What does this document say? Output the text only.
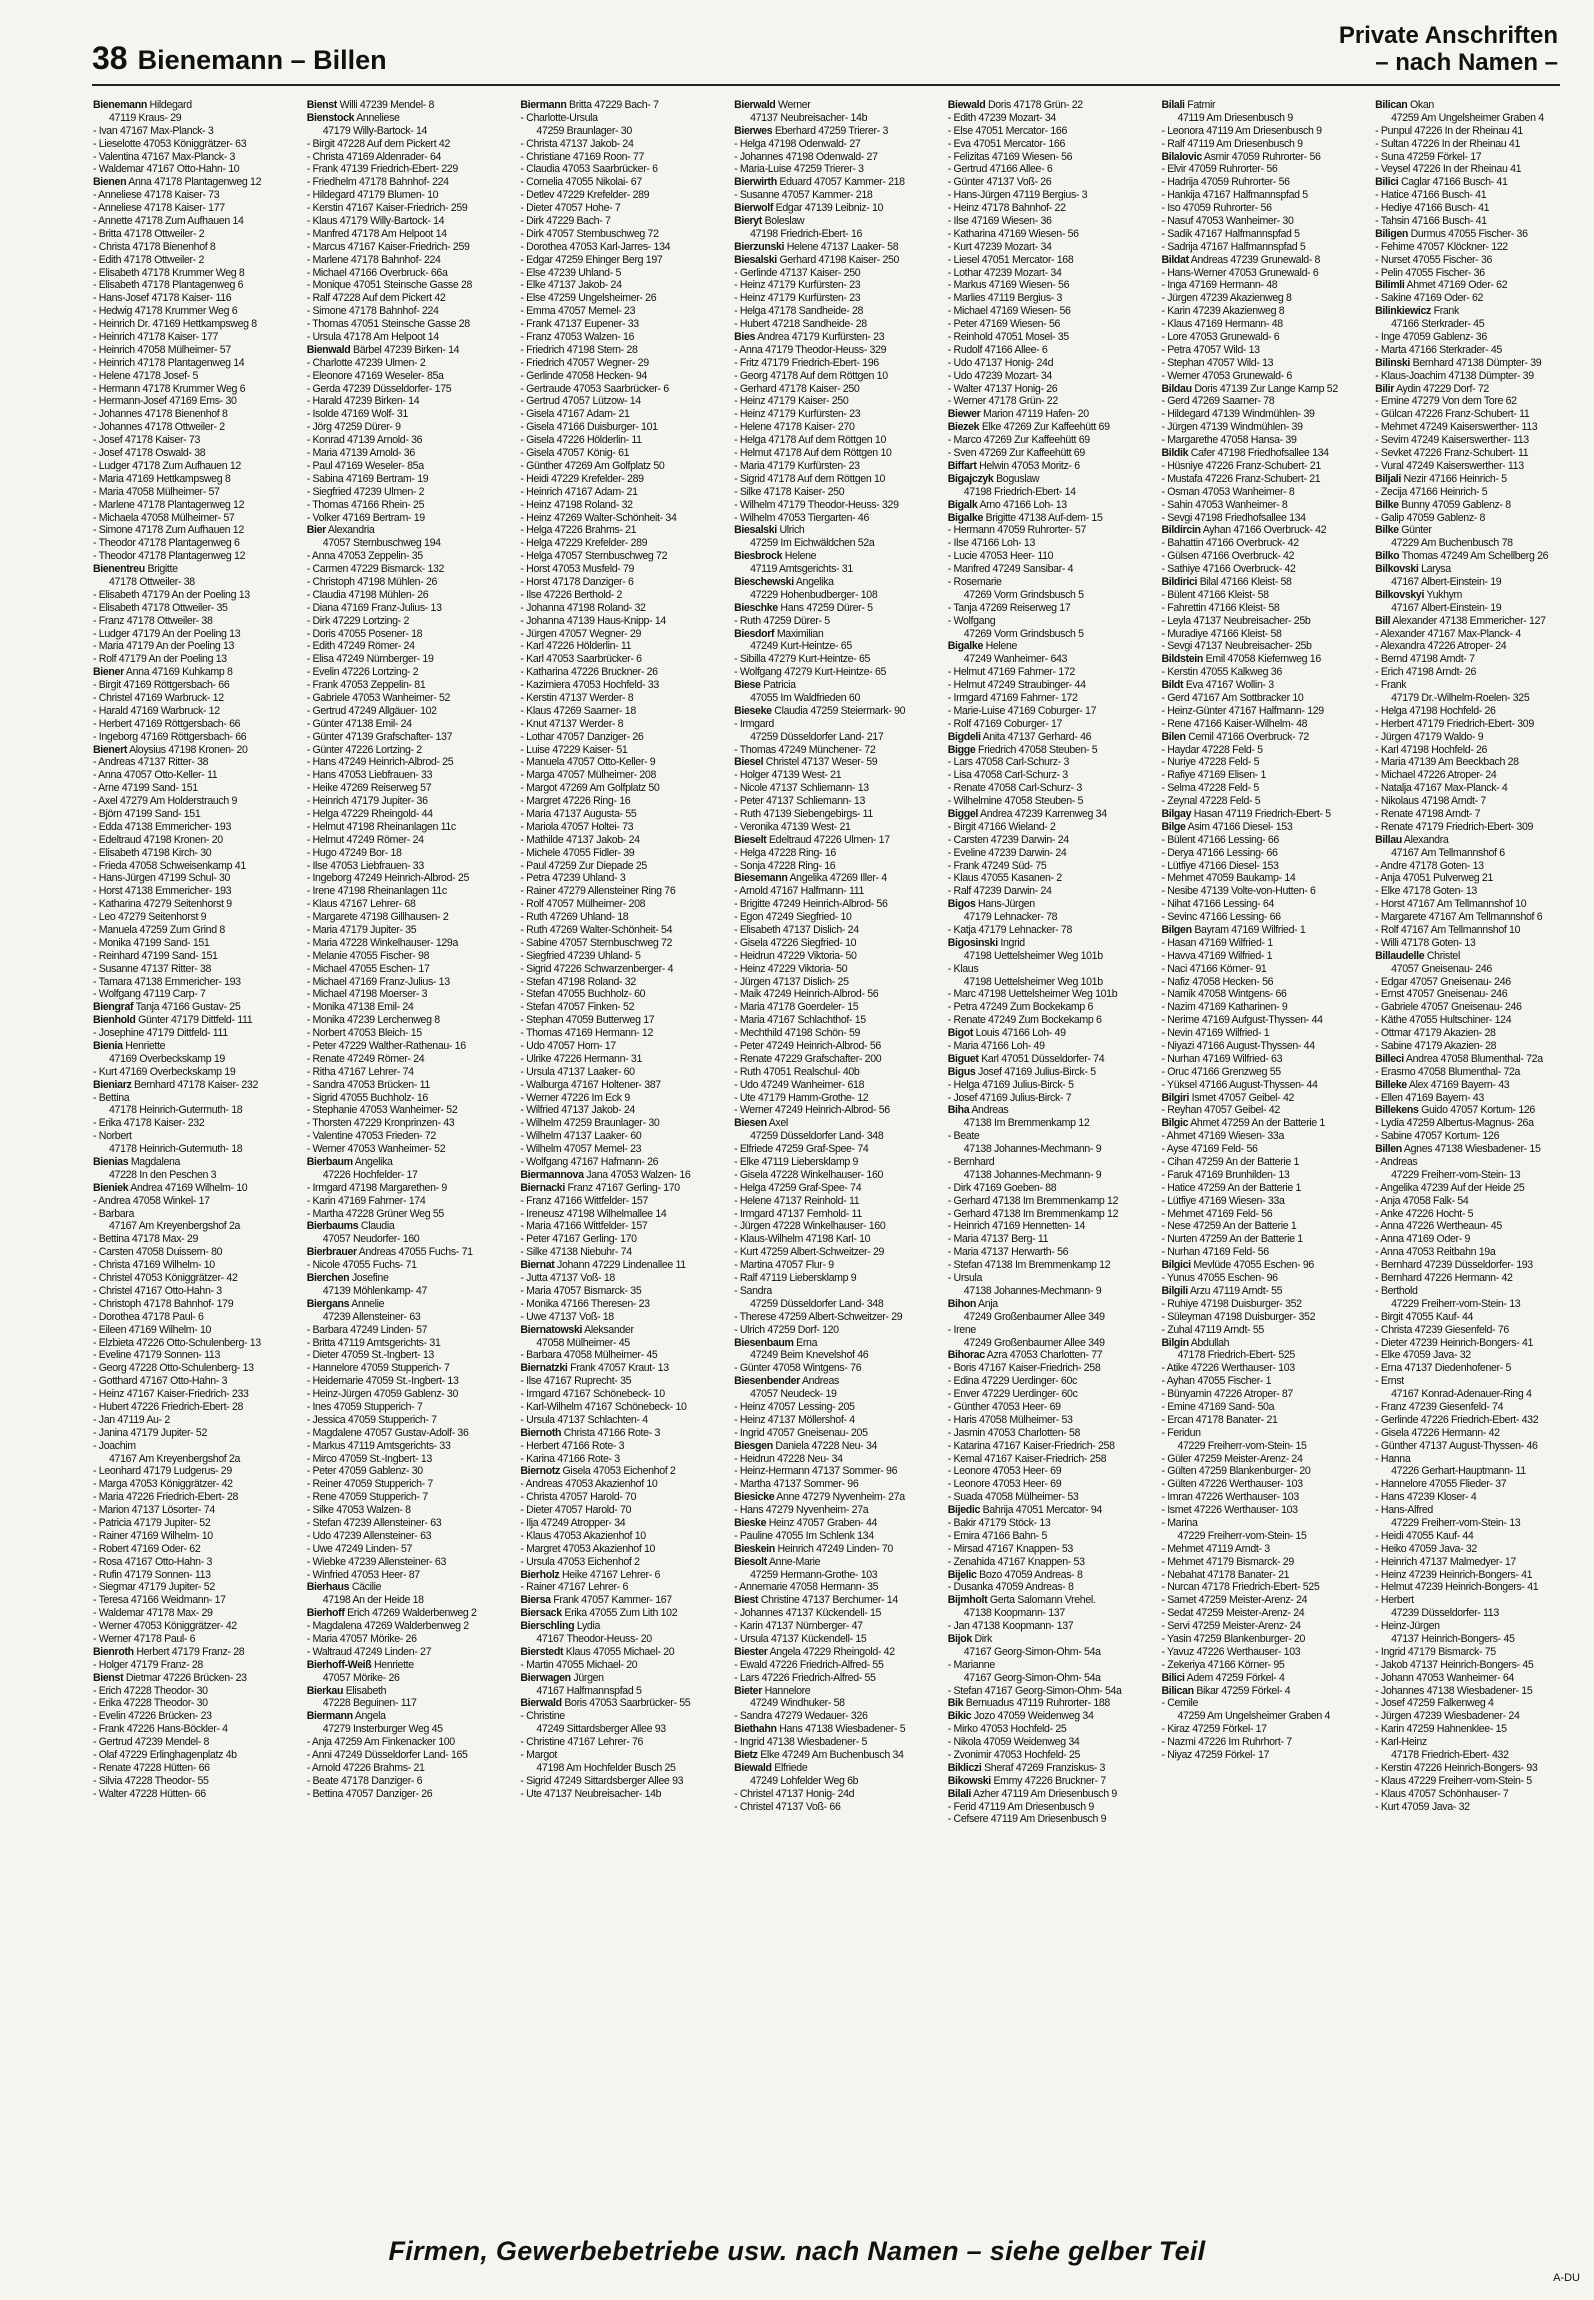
38 Bienemann – Billen
Private Anschriften
– nach Namen –
Bienemann Hildegard
47119 Kraus- 29
- Ivan 47167 Max-Planck- 3
- Lieselotte 47053 Königgrätzer- 63
- Valentina 47167 Max-Planck- 3
- Waldemar 47167 Otto-Hahn- 10
Bienen Anna 47178 Plantagenweg 12
- Anneliese 47178 Kaiser- 73
- Anneliese 47178 Kaiser- 177
- Annette 47178 Zum Aufhauen 14
- Britta 47178 Ottweiler- 2
- Christa 47178 Bienenhof 8
- Edith 47178 Ottweiler- 2
- Elisabeth 47178 Krummer Weg 8
- Elisabeth 47178 Plantagenweg 6
- Hans-Josef 47178 Kaiser- 116
- Hedwig 47178 Krummer Weg 6
- Heinrich Dr. 47169 Hettkampsweg 8
- Heinrich 47178 Kaiser- 177
- Heinrich 47058 Mülheimer- 57
- Heinrich 47178 Plantagenweg 14
- Helene 47178 Josef- 5
- Hermann 47178 Krummer Weg 6
- Hermann-Josef 47169 Ems- 30
- Johannes 47178 Bienenhof 8
- Johannes 47178 Ottweiler- 2
- Josef 47178 Kaiser- 73
- Josef 47178 Oswald- 38
- Ludger 47178 Zum Aufhauen 12
- Maria 47169 Hettkampsweg 8
- Maria 47058 Mülheimer- 57
- Marlene 47178 Plantagenweg 12
- Michaela 47058 Mülheimer- 57
- Simone 47178 Zum Aufhauen 12
- Theodor 47178 Plantagenweg 6
- Theodor 47178 Plantagenweg 12
Bienentreu Brigitte
47178 Ottweiler- 38
- Elisabeth 47179 An der Poeling 13
- Elisabeth 47178 Ottweiler- 35
- Franz 47178 Ottweiler- 38
- Ludger 47179 An der Poeling 13
- Maria 47179 An der Poeling 13
- Rolf 47179 An der Poeling 13
Biener Anna 47169 Kuhkamp 8
- Birgit 47169 Röttgersbach- 66
- Christel 47169 Warbruck- 12
- Harald 47169 Warbruck- 12
- Herbert 47169 Röttgersbach- 66
- Ingeborg 47169 Röttgersbach- 66
Bienert Aloysius 47198 Kronen- 20
- Andreas 47137 Ritter- 38
- Anna 47057 Otto-Keller- 11
- Arne 47199 Sand- 151
- Axel 47279 Am Holderstrauch 9
- Björn 47199 Sand- 151
- Edda 47138 Emmericher- 193
- Edeltraud 47198 Kronen- 20
- Elisabeth 47198 Kirch- 30
- Frieda 47058 Schweisenkamp 41
- Hans-Jürgen 47199 Schul- 30
- Horst 47138 Emmericher- 193
- Katharina 47279 Seitenhorst 9
- Leo 47279 Seitenhorst 9
- Manuela 47259 Zum Grind 8
- Monika 47199 Sand- 151
- Reinhard 47199 Sand- 151
- Susanne 47137 Ritter- 38
- Tamara 47138 Emmericher- 193
- Wolfgang 47119 Carp- 7
Biengraf Tanja 47166 Gustav- 25
Bienhold Günter 47179 Dittfeld- 111
- Josephine 47179 Dittfeld- 111
Bienia Henriette
47169 Overbeckskamp 19
- Kurt 47169 Overbeckskamp 19
Bieniarz Bernhard 47178 Kaiser- 232
- Bettina
47178 Heinrich-Gutermuth- 18
- Erika 47178 Kaiser- 232
- Norbert
47178 Heinrich-Gutermuth- 18
Bienias Magdalena
47228 In den Peschen 3
Bieniek Andrea 47169 Wilhelm- 10
- Andrea 47058 Winkel- 17
- Barbara
47167 Am Kreyenbergshof 2a
- Bettina 47178 Max- 29
- Carsten 47058 Duissern- 80
- Christa 47169 Wilhelm- 10
- Christel 47053 Königgrätzer- 42
- Christel 47167 Otto-Hahn- 3
- Christoph 47178 Bahnhof- 179
- Dorothea 47178 Paul- 6
- Eileen 47169 Wilhelm- 10
- Elzbieta 47226 Otto-Schulenberg- 13
- Eveline 47179 Sonnen- 113
- Georg 47228 Otto-Schulenberg- 13
- Gotthard 47167 Otto-Hahn- 3
- Heinz 47167 Kaiser-Friedrich- 233
- Hubert 47226 Friedrich-Ebert- 28
- Jan 47119 Au- 2
- Janina 47179 Jupiter- 52
- Joachim
47167 Am Kreyenbergshof 2a
- Leonhard 47179 Ludgerus- 29
- Marga 47053 Königgrätzer- 42
- Maria 47226 Friedrich-Ebert- 28
- Marion 47137 Lösorter- 74
- Patricia 47179 Jupiter- 52
- Rainer 47169 Wilhelm- 10
- Robert 47169 Oder- 62
- Rosa 47167 Otto-Hahn- 3
- Rufin 47179 Sonnen- 113
- Siegmar 47179 Jupiter- 52
- Teresa 47166 Weidmann- 17
- Waldemar 47178 Max- 29
- Werner 47053 Königgrätzer- 42
- Werner 47178 Paul- 6
Bienroth Herbert 47179 Franz- 28
- Holger 47179 Franz- 28
Bienst Dietmar 47226 Brücken- 23
- Erich 47228 Theodor- 30
- Erika 47228 Theodor- 30
- Evelin 47226 Brücken- 23
- Frank 47226 Hans-Böckler- 4
- Gertrud 47239 Mendel- 8
- Olaf 47229 Erlinghagenplatz 4b
- Renate 47228 Hütten- 66
- Silvia 47228 Theodor- 55
- Walter 47228 Hütten- 66
Bienst Willi 47239 Mendel- 8
Bienstock Anneliese
47179 Willy-Bartock- 14
- Birgit 47228 Auf dem Pickert 42
- Christa 47169 Aldenrader- 64
- Frank 47139 Friedrich-Ebert- 229
- Friedhelm 47178 Bahnhof- 224
- Hildegard 47179 Blumen- 10
- Kerstin 47167 Kaiser-Friedrich- 259
- Klaus 47179 Willy-Bartock- 14
- Manfred 47178 Am Helpoot 14
- Marcus 47167 Kaiser-Friedrich- 259
- Marlene 47178 Bahnhof- 224
- Michael 47166 Overbruck- 66a
- Monique 47051 Steinsche Gasse 28
- Ralf 47228 Auf dem Pickert 42
- Simone 47178 Bahnhof- 224
- Thomas 47051 Steinsche Gasse 28
- Ursula 47178 Am Helpoot 14
Bienwald Bärbel 47239 Birken- 14
- Charlotte 47239 Ulmen- 2
- Eleonore 47169 Weseler- 85a
- Gerda 47239 Düsseldorfer- 175
- Harald 47239 Birken- 14
- Isolde 47169 Wolf- 31
- Jörg 47259 Dürer- 9
- Konrad 47139 Arnold- 36
- Maria 47139 Arnold- 36
- Paul 47169 Weseler- 85a
- Sabina 47169 Bertram- 19
- Siegfried 47239 Ulmen- 2
- Thomas 47166 Rhein- 25
- Volker 47169 Bertram- 19
Bier Alexandria
47057 Sternbuschweg 194
- Anna 47053 Zeppelin- 35
- Carmen 47229 Bismarck- 132
- Christoph 47198 Mühlen- 26
- Claudia 47198 Mühlen- 26
- Diana 47169 Franz-Julius- 13
- Dirk 47229 Lortzing- 2
- Doris 47055 Posener- 18
- Edith 47249 Römer- 24
- Elisa 47249 Nürnberger- 19
- Evelin 47226 Lortzing- 2
- Frank 47053 Zeppelin- 81
- Gabriele 47053 Wanheimer- 52
- Gertrud 47249 Allgäuer- 102
- Günter 47138 Emil- 24
- Günter 47139 Grafschafter- 137
- Günter 47226 Lortzing- 2
- Hans 47249 Heinrich-Albrod- 25
- Hans 47053 Liebfrauen- 33
- Heike 47269 Reiserweg 57
- Heinrich 47179 Jupiter- 36
- Helga 47229 Rheingold- 44
- Helmut 47198 Rheinanlagen 11c
- Helmut 47249 Römer- 24
- Hugo 47249 Bor- 18
- Ilse 47053 Liebfrauen- 33
- Ingeborg 47249 Heinrich-Albrod- 25
- Irene 47198 Rheinanlagen 11c
- Klaus 47167 Lehrer- 68
- Margarete 47198 Gillhausen- 2
- Maria 47179 Jupiter- 35
- Maria 47228 Winkelhauser- 129a
- Melanie 47055 Fischer- 98
- Michael 47055 Eschen- 17
- Michael 47169 Franz-Julius- 13
- Michael 47198 Moerser- 3
- Monika 47138 Emil- 24
- Monika 47239 Lerchenweg 8
- Norbert 47053 Bleich- 15
- Peter 47229 Walther-Rathenau- 16
- Renate 47249 Römer- 24
- Ritha 47167 Lehrer- 74
- Sandra 47053 Brücken- 11
- Sigrid 47055 Buchholz- 16
- Stephanie 47053 Wanheimer- 52
- Thorsten 47229 Kronprinzen- 43
- Valentine 47053 Frieden- 72
- Werner 47053 Wanheimer- 52
Bierbaum Angelika
47226 Hochfelder- 17
- Irmgard 47198 Margarethen- 9
- Karin 47169 Fahrner- 174
- Martha 47228 Grüner Weg 55
Bierbaums Claudia
47057 Neudorfer- 160
Bierbrauer Andreas 47055 Fuchs- 71
- Nicole 47055 Fuchs- 71
Bierchen Josefine
47139 Möhlenkamp- 47
Biergans Annelie
47239 Allensteiner- 63
- Barbara 47249 Linden- 57
- Britta 47119 Amtsgerichts- 31
- Dieter 47059 St.-Ingbert- 13
- Hannelore 47059 Stupperich- 7
- Heidemarie 47059 St.-Ingbert- 13
- Heinz-Jürgen 47059 Gablenz- 30
- Ines 47059 Stupperich- 7
- Jessica 47059 Stupperich- 7
- Magdalene 47057 Gustav-Adolf- 36
- Markus 47119 Amtsgerichts- 33
- Mirco 47059 St.-Ingbert- 13
- Peter 47059 Gablenz- 30
- Reiner 47059 Stupperich- 7
- Rene 47059 Stupperich- 7
- Silke 47053 Walzen- 8
- Stefan 47239 Allensteiner- 63
- Udo 47239 Allensteiner- 63
- Uwe 47249 Linden- 57
- Wiebke 47239 Allensteiner- 63
- Winfried 47053 Heer- 87
Bierhaus Cäcilie
47198 An der Heide 18
Bierhoff Erich 47269 Walderbenweg 2
- Magdalena 47269 Walderbenweg 2
- Maria 47057 Mörike- 26
- Waltraud 47249 Linden- 27
Bierhoff-Weiß Henriette
47057 Mörike- 26
Bierkau Elisabeth
47228 Beguinen- 117
Biermann Angela
47279 Insterburger Weg 45
- Anja 47259 Am Finkenacker 100
- Anni 47249 Düsseldorfer Land- 165
- Arnold 47226 Brahms- 21
- Beate 47178 Danziger- 6
- Bettina 47057 Danziger- 26
Biermann Britta 47229 Bach- 7
- Charlotte-Ursula
47259 Braunlager- 30
- Christa 47137 Jakob- 24
- Christiane 47169 Roon- 77
- Claudia 47053 Saarbrücker- 6
- Cornelia 47055 Nikolai- 67
- Detlev 47229 Krefelder- 289
- Dieter 47057 Hohe- 7
- Dirk 47229 Bach- 7
- Dirk 47057 Sternbuschweg 72
- Dorothea 47053 Karl-Jarres- 134
- Edgar 47259 Ehinger Berg 197
- Else 47239 Uhland- 5
- Elke 47137 Jakob- 24
- Else 47259 Ungelsheimer- 26
- Emma 47057 Memel- 23
- Frank 47137 Eupener- 33
- Franz 47053 Walzen- 16
- Friedrich 47198 Stern- 28
- Friedrich 47057 Wegner- 29
- Gerlinde 47058 Hecken- 94
- Gertraude 47053 Saarbrücker- 6
- Gertrud 47057 Lützow- 14
- Gisela 47167 Adam- 21
- Gisela 47166 Duisburger- 101
- Gisela 47226 Hölderlin- 11
- Gisela 47057 König- 61
- Günther 47269 Am Golfplatz 50
- Heidi 47229 Krefelder- 289
- Heinrich 47167 Adam- 21
- Heinz 47198 Roland- 32
- Heinz 47269 Walter-Schönheit- 34
- Helga 47226 Brahms- 21
- Helga 47229 Krefelder- 289
- Helga 47057 Sternbuschweg 72
- Horst 47053 Musfeld- 79
- Horst 47178 Danziger- 6
- Ilse 47226 Berthold- 2
- Johanna 47198 Roland- 32
- Johanna 47139 Haus-Knipp- 14
- Jürgen 47057 Wegner- 29
- Karl 47226 Hölderlin- 11
- Karl 47053 Saarbrücker- 6
- Katharina 47226 Bruckner- 26
- Kazimiera 47053 Hochfeld- 33
- Kerstin 47137 Werder- 8
- Klaus 47269 Saarner- 18
- Knut 47137 Werder- 8
- Lothar 47057 Danziger- 26
- Luise 47229 Kaiser- 51
- Manuela 47057 Otto-Keller- 9
- Marga 47057 Mülheimer- 208
- Margot 47269 Am Golfplatz 50
- Margret 47226 Ring- 16
- Maria 47137 Augusta- 55
- Mariola 47057 Holtei- 73
- Mathilde 47137 Jakob- 24
- Michele 47055 Fidler- 39
- Paul 47259 Zur Diepade 25
- Petra 47239 Uhland- 3
- Rainer 47279 Allensteiner Ring 76
- Rolf 47057 Mülheimer- 208
- Ruth 47269 Uhland- 18
- Ruth 47269 Walter-Schönheit- 54
- Sabine 47057 Sternbuschweg 72
- Siegfried 47239 Uhland- 5
- Sigrid 47226 Schwarzenberger- 4
- Stefan 47198 Roland- 32
- Stefan 47055 Buchholz- 60
- Stefan 47057 Finken- 52
- Stephan 47059 Butterweg 17
- Thomas 47169 Hermann- 12
- Udo 47057 Horn- 17
- Ulrike 47226 Hermann- 31
- Ursula 47137 Laaker- 60
- Walburga 47167 Holtener- 387
- Werner 47226 Im Eck 9
- Wilfried 47137 Jakob- 24
- Wilhelm 47259 Braunlager- 30
- Wilhelm 47137 Laaker- 60
- Wilhelm 47057 Memel- 23
- Wolfgang 47167 Hafmann- 26
Biermannova Jana 47053 Walzen- 16
Biernacki Franz 47167 Gerling- 170
- Franz 47166 Wittfelder- 157
- Ireneusz 47198 Wilhelmallee 14
- Maria 47166 Wittfelder- 157
- Peter 47167 Gerling- 170
- Silke 47138 Niebuhr- 74
Biernat Johann 47229 Lindenallee 11
- Jutta 47137 Voß- 18
- Maria 47057 Bismarck- 35
- Monika 47166 Theresen- 23
- Uwe 47137 Voß- 18
Biernatowski Aleksander
47058 Mülheimer- 45
- Barbara 47058 Mülheimer- 45
Biernatzki Frank 47057 Kraut- 13
- Ilse 47167 Ruprecht- 35
- Irmgard 47167 Schönebeck- 10
- Karl-Wilhelm 47167 Schönebeck- 10
- Ursula 47137 Schlachten- 4
Biernoth Christa 47166 Rote- 3
- Herbert 47166 Rote- 3
- Karina 47166 Rote- 3
Biernotz Gisela 47053 Eichenhof 2
- Andreas 47053 Akazienhof 10
- Christa 47057 Harold- 70
- Dieter 47057 Harold- 70
- Ilja 47249 Atropper- 34
- Klaus 47053 Akazienhof 10
- Margret 47053 Akazienhof 10
- Ursula 47053 Eichenhof 2
Bierholz Heike 47167 Lehrer- 6
- Rainer 47167 Lehrer- 6
Biersa Frank 47057 Kammer- 167
Biersack Erika 47055 Zum Lith 102
Bierschling Lydia
47167 Theodor-Heuss- 20
Bierstedt Klaus 47055 Michael- 20
- Martin 47055 Michael- 20
Bierwagen Jürgen
47167 Halfmannspfad 5
Bierwald Boris 47053 Saarbrücker- 55
- Christine
47249 Sittardsberger Allee 93
- Christine 47167 Lehrer- 76
- Margot
47198 Am Hochfelder Busch 25
- Sigrid 47249 Sittardsberger Allee 93
- Ute 47137 Neubreisacher- 14b
Bierwald Werner
47137 Neubreisacher- 14b
Bierwes Eberhard 47259 Trierer- 3
- Helga 47198 Odenwald- 27
- Johannes 47198 Odenwald- 27
- Maria-Luise 47259 Trierer- 3
Bierwirth Eduard 47057 Kammer- 218
- Susanne 47057 Kammer- 218
Bierwolf Edgar 47139 Leibniz- 10
Bieryt Boleslaw
47198 Friedrich-Ebert- 16
Bierzunski Helene 47137 Laaker- 58
Biesalski Gerhard 47198 Kaiser- 250
- Gerlinde 47137 Kaiser- 250
- Heinz 47179 Kurfürsten- 23
- Heinz 47179 Kurfürsten- 23
- Helga 47178 Sandheide- 28
- Hubert 47218 Sandheide- 28
Bies Andrea 47179 Kurfürsten- 23
- Anna 47179 Theodor-Heuss- 329
- Fritz 47179 Friedrich-Ebert- 196
- Georg 47178 Auf dem Röttgen 10
- Gerhard 47178 Kaiser- 250
- Heinz 47179 Kaiser- 250
- Heinz 47179 Kurfürsten- 23
- Helene 47178 Kaiser- 270
- Helga 47178 Auf dem Röttgen 10
- Helmut 47178 Auf dem Röttgen 10
- Maria 47179 Kurfürsten- 23
- Sigrid 47178 Auf dem Röttgen 10
- Silke 47178 Kaiser- 250
- Wilhelm 47179 Theodor-Heuss- 329
- Wilhelm 47053 Tiergarten- 46
Biesalski Ulrich
47259 Im Eichwäldchen 52a
Biesbrock Helene
47119 Amtsgerichts- 31
Bieschewski Angelika
47229 Hohenbudberger- 108
Bieschke Hans 47259 Dürer- 5
- Ruth 47259 Dürer- 5
Biesdorf Maximilian
47249 Kurt-Heintze- 65
- Sibilla 47279 Kurt-Heintze- 65
- Wolfgang 47279 Kurt-Heintze- 65
Biese Patricia
47055 Im Waldfrieden 60
Bieseke Claudia 47259 Steiermark- 90
- Irmgard
47259 Düsseldorfer Land- 217
- Thomas 47249 Münchener- 72
Biesel Christel 47137 Weser- 59
- Holger 47139 West- 21
- Nicole 47137 Schliemann- 13
- Peter 47137 Schliemann- 13
- Ruth 47139 Siebengebirgs- 11
- Veronika 47139 West- 21
Bieselt Edeltraud 47226 Ulmen- 17
- Helga 47228 Ring- 16
- Sonja 47228 Ring- 16
Biesemann Angelika 47269 Iller- 4
- Arnold 47167 Halfmann- 111
- Brigitte 47249 Heinrich-Albrod- 56
- Egon 47249 Siegfried- 10
- Elisabeth 47137 Dislich- 24
- Gisela 47226 Siegfried- 10
- Heidrun 47229 Viktoria- 50
- Heinz 47229 Viktoria- 50
- Jürgen 47137 Dislich- 25
- Maik 47249 Heinrich-Albrod- 56
- Maria 47178 Goerdeler- 15
- Maria 47167 Schlachthof- 15
- Mechthild 47198 Schön- 59
- Peter 47249 Heinrich-Albrod- 56
- Renate 47229 Grafschafter- 200
- Ruth 47051 Realschul- 40b
- Udo 47249 Wanheimer- 618
- Ute 47179 Hamm-Grothe- 12
- Werner 47249 Heinrich-Albrod- 56
Biesen Axel
47259 Düsseldorfer Land- 348
- Elfriede 47259 Graf-Spee- 74
- Elke 47119 Liebersklamp 9
- Gisela 47228 Winkelhauser- 160
- Helga 47259 Graf-Spee- 74
- Helene 47137 Reinhold- 11
- Irmgard 47137 Fernhold- 11
- Jürgen 47228 Winkelhauser- 160
- Klaus-Wilhelm 47198 Karl- 10
- Kurt 47259 Albert-Schweitzer- 29
- Martina 47057 Flur- 9
- Ralf 47119 Liebersklamp 9
- Sandra
47259 Düsseldorfer Land- 348
- Therese 47259 Albert-Schweitzer- 29
- Ulrich 47259 Dorf- 120
Biesenbaum Erna
47249 Beim Knevelshof 46
- Günter 47058 Wintgens- 76
Biesenbender Andreas
47057 Neudeck- 19
- Heinz 47057 Lessing- 205
- Heinz 47137 Möllershof- 4
- Ingrid 47057 Gneisenau- 205
Biesgen Daniela 47228 Neu- 34
- Heidrun 47228 Neu- 34
- Heinz-Hermann 47137 Sommer- 96
- Martha 47137 Sommer- 96
Biesicke Anne 47279 Nyvenheim- 27a
- Hans 47279 Nyvenheim- 27a
Bieske Heinz 47057 Graben- 44
- Pauline 47055 Im Schlenk 134
Bieskein Heinrich 47249 Linden- 70
Biesolt Anne-Marie
47259 Hermann-Grothe- 103
- Annemarie 47058 Hermann- 35
Biest Christine 47137 Berchumer- 14
- Johannes 47137 Kückendell- 15
- Karin 47137 Nürnberger- 47
- Ursula 47137 Kückendell- 15
Biester Angela 47229 Rheingold- 42
- Ewald 47226 Friedrich-Alfred- 55
- Lars 47226 Friedrich-Alfred- 55
Bieter Hannelore
47249 Windhuker- 58
- Sandra 47279 Wedauer- 326
Biethahn Hans 47138 Wiesbadener- 5
- Ingrid 47138 Wiesbadener- 5
Bietz Elke 47249 Am Buchenbusch 34
Biewald Elfriede
47249 Lohfelder Weg 6b
- Christel 47137 Honig- 24d
- Christel 47137 Voß- 66
Biewald Doris 47178 Grün- 22
- Edith 47239 Mozart- 34
- Else 47051 Mercator- 166
- Eva 47051 Mercator- 166
- Felizitas 47169 Wiesen- 56
- Gertrud 47166 Allee- 6
- Günter 47137 Voß- 26
- Hans-Jürgen 47119 Bergius- 3
- Heinz 47178 Bahnhof- 22
- Ilse 47169 Wiesen- 36
- Katharina 47169 Wiesen- 56
- Kurt 47239 Mozart- 34
- Liesel 47051 Mercator- 168
- Lothar 47239 Mozart- 34
- Markus 47169 Wiesen- 56
- Marlies 47119 Bergius- 3
- Michael 47169 Wiesen- 56
- Peter 47169 Wiesen- 56
- Reinhold 47051 Mosel- 35
- Rudolf 47166 Allee- 6
- Udo 47137 Honig- 24d
- Udo 47239 Mozart- 34
- Walter 47137 Honig- 26
- Werner 47178 Grün- 22
Biewer Marion 47119 Hafen- 20
Biezek Elke 47269 Zur Kaffeehütt 69
- Marco 47269 Zur Kaffeehütt 69
- Sven 47269 Zur Kaffeehütt 69
Biffart Helwin 47053 Moritz- 6
Bigajczyk Boguslaw
47198 Friedrich-Ebert- 14
Bigalk Arno 47166 Loh- 13
Bigalke Brigitte 47138 Auf-dem- 15
- Hermann 47059 Ruhrorter- 57
- Ilse 47166 Loh- 13
- Lucie 47053 Heer- 110
- Manfred 47249 Sansibar- 4
- Rosemarie
47269 Vorm Grindsbusch 5
- Tanja 47269 Reiserweg 17
- Wolfgang
47269 Vorm Grindsbusch 5
Bigalke Helene
47249 Wanheimer- 643
- Helmut 47169 Fahrner- 172
- Helmut 47249 Straubinger- 44
- Irmgard 47169 Fahrner- 172
- Marie-Luise 47169 Coburger- 17
- Rolf 47169 Coburger- 17
Bigdeli Anita 47137 Gerhard- 46
Bigge Friedrich 47058 Steuben- 5
- Lars 47058 Carl-Schurz- 3
- Lisa 47058 Carl-Schurz- 3
- Renate 47058 Carl-Schurz- 3
- Wilhelmine 47058 Steuben- 5
Biggel Andrea 47239 Karrenweg 34
- Birgit 47166 Wieland- 2
- Carsten 47239 Darwin- 24
- Eveline 47239 Darwin- 24
- Frank 47249 Süd- 75
- Klaus 47055 Kasanen- 2
- Ralf 47239 Darwin- 24
Bigos Hans-Jürgen
47179 Lehnacker- 78
- Katja 47179 Lehnacker- 78
Bigosinski Ingrid
47198 Uettelsheimer Weg 101b
- Klaus
47198 Uettelsheimer Weg 101b
- Marc 47198 Uettelsheimer Weg 101b
- Petra 47249 Zum Bockekamp 6
- Renate 47249 Zum Bockekamp 6
Bigot Louis 47166 Loh- 49
- Maria 47166 Loh- 49
Biguet Karl 47051 Düsseldorfer- 74
Bigus Josef 47169 Julius-Birck- 5
- Helga 47169 Julius-Birck- 5
- Josef 47169 Julius-Birck- 7
Biha Andreas
47138 Im Bremmenkamp 12
- Beate
47138 Johannes-Mechmann- 9
- Bernhard
47138 Johannes-Mechmann- 9
- Dirk 47169 Goeben- 88
- Gerhard 47138 Im Bremmenkamp 12
- Gerhard 47138 Im Bremmenkamp 12
- Heinrich 47169 Hennetten- 14
- Maria 47137 Berg- 11
- Maria 47137 Herwarth- 56
- Stefan 47138 Im Bremmenkamp 12
- Ursula
47138 Johannes-Mechmann- 9
Bihon Anja
47249 Großenbaumer Allee 349
- Irene
47249 Großenbaumer Allee 349
Bihorac Azra 47053 Charlotten- 77
- Boris 47167 Kaiser-Friedrich- 258
- Edina 47229 Uerdinger- 60c
- Enver 47229 Uerdinger- 60c
- Günther 47053 Heer- 69
- Haris 47058 Mülheimer- 53
- Jasmin 47053 Charlotten- 58
- Katarina 47167 Kaiser-Friedrich- 258
- Kemal 47167 Kaiser-Friedrich- 258
- Leonore 47053 Heer- 69
- Leonore 47053 Heer- 69
- Suada 47058 Mülheimer- 53
Bijedic Bahrija 47051 Mercator- 94
- Bakir 47179 Stöck- 13
- Emira 47166 Bahn- 5
- Mirsad 47167 Knappen- 53
- Zenahida 47167 Knappen- 53
Bijelic Bozo 47059 Andreas- 8
- Dusanka 47059 Andreas- 8
Bijmholt Gerta Salomann Vrehel.
47138 Koopmann- 137
- Jan 47138 Koopmann- 137
Bijok Dirk
47167 Georg-Simon-Ohm- 54a
- Marianne
47167 Georg-Simon-Ohm- 54a
- Stefan 47167 Georg-Simon-Ohm- 54a
Bik Bernuadus 47119 Ruhrorter- 188
Bikic Jozo 47059 Weidenweg 34
- Mirko 47053 Hochfeld- 25
- Nikola 47059 Weidenweg 34
- Zvonimir 47053 Hochfeld- 25
Bikliczi Sheraf 47269 Franziskus- 3
Bikowski Emmy 47226 Bruckner- 7
Bilali Azher 47119 Am Driesenbusch 9
- Ferid 47119 Am Driesenbusch 9
- Cefsere 47119 Am Driesenbusch 9
Bilali Fatmir
47119 Am Driesenbusch 9
- Leonora 47119 Am Driesenbusch 9
- Ralf 47119 Am Driesenbusch 9
Bilalovic Asmir 47059 Ruhrorter- 56
- Elvir 47059 Ruhrorter- 56
- Hadrija 47059 Ruhrorter- 56
- Hankija 47167 Halfmannspfad 5
- Iso 47059 Ruhrorter- 56
- Nasuf 47053 Wanheimer- 30
- Sadik 47167 Halfmannspfad 5
- Sadrija 47167 Halfmannspfad 5
Bildat Andreas 47239 Grunewald- 8
- Hans-Werner 47053 Grunewald- 6
- Inga 47169 Hermann- 48
- Jürgen 47239 Akazienweg 8
- Karin 47239 Akazienweg 8
- Klaus 47169 Hermann- 48
- Lore 47053 Grunewald- 6
- Petra 47057 Wild- 13
- Stephan 47057 Wild- 13
- Werner 47053 Grunewald- 6
Bildau Doris 47139 Zur Lange Kamp 52
- Gerd 47269 Saarner- 78
- Hildegard 47139 Windmühlen- 39
- Jürgen 47139 Windmühlen- 39
- Margarethe 47058 Hansa- 39
Bildik Cafer 47198 Friedhofsallee 134
- Hüsniye 47226 Franz-Schubert- 21
- Mustafa 47226 Franz-Schubert- 21
- Osman 47053 Wanheimer- 8
- Sahin 47053 Wanheimer- 8
- Sevgi 47198 Friedhofsallee 134
Bildircin Ayhan 47166 Overbruck- 42
- Bahattin 47166 Overbruck- 42
- Gülsen 47166 Overbruck- 42
- Sathiye 47166 Overbruck- 42
Bildirici Bilal 47166 Kleist- 58
- Bülent 47166 Kleist- 58
- Fahrettin 47166 Kleist- 58
- Leyla 47137 Neubreisacher- 25b
- Muradiye 47166 Kleist- 58
- Sevgi 47137 Neubreisacher- 25b
Bildstein Emil 47058 Kiefernweg 16
- Kerstin 47055 Kalkweg 36
Bildt Eva 47167 Wollin- 3
- Gerd 47167 Am Sottbracker 10
- Heinz-Günter 47167 Halfmann- 129
- Rene 47166 Kaiser-Wilhelm- 48
Bilen Cemil 47166 Overbruck- 72
- Haydar 47228 Feld- 5
- Nuriye 47228 Feld- 5
- Rafiye 47169 Elisen- 1
- Selma 47228 Feld- 5
- Zeynal 47228 Feld- 5
Bilgay Hasan 47119 Friedrich-Ebert- 5
Bilge Asim 47166 Diesel- 153
- Bülent 47166 Lessing- 66
- Derya 47166 Lessing- 66
- Lütfiye 47166 Diesel- 153
- Mehmet 47059 Baukamp- 14
- Nesibe 47139 Volte-von-Hutten- 6
- Nihat 47166 Lessing- 64
- Sevinc 47166 Lessing- 66
Bilgen Bayram 47169 Wilfried- 1
- Hasan 47169 Wilfried- 1
- Havva 47169 Wilfried- 1
- Naci 47166 Körner- 91
- Nafiz 47058 Hecken- 56
- Namik 47058 Wintgens- 66
- Nazim 47169 Katharinen- 9
- Nerime 47169 Aufgust-Thyssen- 44
- Nevin 47169 Wilfried- 1
- Niyazi 47166 August-Thyssen- 44
- Nurhan 47169 Wilfried- 63
- Oruc 47166 Grenzweg 55
- Yüksel 47166 August-Thyssen- 44
Bilgiri Ismet 47057 Geibel- 42
- Reyhan 47057 Geibel- 42
Bilgic Ahmet 47259 An der Batterie 1
- Ahmet 47169 Wiesen- 33a
- Ayse 47169 Feld- 56
- Cihan 47259 An der Batterie 1
- Faruk 47169 Brunhilden- 13
- Hatice 47259 An der Batterie 1
- Lütfiye 47169 Wiesen- 33a
- Mehmet 47169 Feld- 56
- Nese 47259 An der Batterie 1
- Nurten 47259 An der Batterie 1
- Nurhan 47169 Feld- 56
Bilgici Mevlüde 47055 Eschen- 96
- Yunus 47055 Eschen- 96
Bilgili Arzu 47119 Arndt- 55
- Ruhiye 47198 Duisburger- 352
- Süleyman 47198 Duisburger- 352
- Zuhal 47119 Arndt- 55
Bilgin Abdullah
47178 Friedrich-Ebert- 525
- Atike 47226 Werthauser- 103
- Ayhan 47055 Fischer- 1
- Bünyamin 47226 Atroper- 87
- Emine 47169 Sand- 50a
- Ercan 47178 Banater- 21
- Feridun
47229 Freiherr-vom-Stein- 15
- Güler 47259 Meister-Arenz- 24
- Gülten 47259 Blankenburger- 20
- Gülten 47226 Werthauser- 103
- Imran 47226 Werthauser- 103
- Ismet 47226 Werthauser- 103
- Marina
47229 Freiherr-vom-Stein- 15
- Mehmet 47119 Arndt- 3
- Mehmet 47179 Bismarck- 29
- Nebahat 47178 Banater- 21
- Nurcan 47178 Friedrich-Ebert- 525
- Samet 47259 Meister-Arenz- 24
- Sedat 47259 Meister-Arenz- 24
- Servi 47259 Meister-Arenz- 24
- Yasin 47259 Blankenburger- 20
- Yavuz 47226 Werthauser- 103
- Zekeriya 47166 Körner- 95
Bilici Adem 47259 Förkel- 4
Bilican Bikar 47259 Förkel- 4
- Cemile
47259 Am Ungelsheimer Graben 4
- Kiraz 47259 Förkel- 17
- Nazmi 47226 Im Ruhrhort- 7
- Niyaz 47259 Förkel- 17
Bilican Okan
47259 Am Ungelsheimer Graben 4
- Punpul 47226 In der Rheinau 41
- Sultan 47226 In der Rheinau 41
- Suna 47259 Förkel- 17
- Veysel 47226 In der Rheinau 41
Bilici Caglar 47166 Busch- 41
- Hatice 47166 Busch- 41
- Hediye 47166 Busch- 41
- Tahsin 47166 Busch- 41
Biligen Durmus 47055 Fischer- 36
- Fehime 47057 Klöckner- 122
- Nurset 47055 Fischer- 36
- Pelin 47055 Fischer- 36
Bilimli Ahmet 47169 Oder- 62
- Sakine 47169 Oder- 62
Bilinkiewicz Frank
47166 Sterkrader- 45
- Inge 47059 Gablenz- 36
- Marta 47166 Sterkrader- 45
Bilinski Bernhard 47138 Dümpter- 39
- Klaus-Joachim 47138 Dümpter- 39
Bilir Aydin 47229 Dorf- 72
- Emine 47279 Von dem Tore 62
- Gülcan 47226 Franz-Schubert- 11
- Mehmet 47249 Kaiserswerther- 113
- Sevim 47249 Kaiserswerther- 113
- Sevket 47226 Franz-Schubert- 11
- Vural 47249 Kaiserswerther- 113
Biljali Nezir 47166 Heinrich- 5
- Zecija 47166 Heinrich- 5
Bilke Bunny 47059 Gablenz- 8
- Galip 47059 Gablenz- 8
Bilke Günter
47229 Am Buchenbusch 78
Bilko Thomas 47249 Am Schellberg 26
Bilkovski Larysa
47167 Albert-Einstein- 19
Bilkovskyi Yukhym
47167 Albert-Einstein- 19
Bill Alexander 47138 Emmericher- 127
- Alexander 47167 Max-Planck- 4
- Alexandra 47226 Atroper- 24
- Bernd 47198 Arndt- 7
- Erich 47198 Arndt- 26
- Frank
47179 Dr.-Wilhelm-Roelen- 325
- Helga 47198 Hochfeld- 26
- Herbert 47179 Friedrich-Ebert- 309
- Jürgen 47179 Waldo- 9
- Karl 47198 Hochfeld- 26
- Maria 47139 Am Beeckbach 28
- Michael 47226 Atroper- 24
- Natalja 47167 Max-Planck- 4
- Nikolaus 47198 Arndt- 7
- Renate 47198 Arndt- 7
- Renate 47179 Friedrich-Ebert- 309
Billau Alexandra
47167 Am Tellmannshof 6
- Andre 47178 Goten- 13
- Anja 47051 Pulverweg 21
- Elke 47178 Goten- 13
- Horst 47167 Am Tellmannshof 10
- Margarete 47167 Am Tellmannshof 6
- Rolf 47167 Am Tellmannshof 10
- Willi 47178 Goten- 13
Billaudelle Christel
47057 Gneisenau- 246
- Edgar 47057 Gneisenau- 246
- Ernst 47057 Gneisenau- 246
- Gabriele 47057 Gneisenau- 246
- Käthe 47055 Hultschiner- 124
- Ottmar 47179 Akazien- 28
- Sabine 47179 Akazien- 28
Billeci Andrea 47058 Blumenthal- 72a
- Erasmo 47058 Blumenthal- 72a
Billeke Alex 47169 Bayern- 43
- Ellen 47169 Bayern- 43
Billekens Guido 47057 Kortum- 126
- Lydia 47259 Albertus-Magnus- 26a
- Sabine 47057 Kortum- 126
Billen Agnes 47138 Wiesbadener- 15
- Andreas
47229 Freiherr-vom-Stein- 13
- Angelika 47239 Auf der Heide 25
- Anja 47058 Falk- 54
- Anke 47226 Hocht- 5
- Anna 47226 Wertheaun- 45
- Anna 47169 Oder- 9
- Anna 47053 Reitbahn 19a
- Bernhard 47239 Düsseldorfer- 193
- Bernhard 47226 Hermann- 42
- Berthold
47229 Freiherr-vom-Stein- 13
- Birgit 47055 Kauf- 44
- Christa 47239 Giesenfeld- 76
- Dieter 47239 Heinrich-Bongers- 41
- Elke 47059 Java- 32
- Erna 47137 Diedenhofener- 5
- Ernst
47167 Konrad-Adenauer-Ring 4
- Franz 47239 Giesenfeld- 74
- Gerlinde 47226 Friedrich-Ebert- 432
- Gisela 47226 Hermann- 42
- Günther 47137 August-Thyssen- 46
- Hanna
47226 Gerhart-Hauptmann- 11
- Hannelore 47055 Flieder- 37
- Hans 47239 Kloser- 4
- Hans-Alfred
47229 Freiherr-vom-Stein- 13
- Heidi 47055 Kauf- 44
- Heiko 47059 Java- 32
- Heinrich 47137 Malmedyer- 17
- Heinz 47239 Heinrich-Bongers- 41
- Helmut 47239 Heinrich-Bongers- 41
- Herbert
47239 Düsseldorfer- 113
- Heinz-Jürgen
47137 Heinrich-Bongers- 45
- Ingrid 47179 Bismarck- 75
- Jakob 47137 Heinrich-Bongers- 45
- Johann 47053 Wanheimer- 64
- Johannes 47138 Wiesbadener- 15
- Josef 47259 Falkenweg 4
- Jürgen 47239 Wiesbadener- 24
- Karin 47259 Hahnenklee- 15
- Karl-Heinz
47178 Friedrich-Ebert- 432
- Kerstin 47226 Heinrich-Bongers- 93
- Klaus 47229 Freiherr-vom-Stein- 5
- Klaus 47057 Schönhauser- 7
- Kurt 47059 Java- 32
Firmen, Gewerbebetriebe usw. nach Namen – siehe gelber Teil
A-DU
